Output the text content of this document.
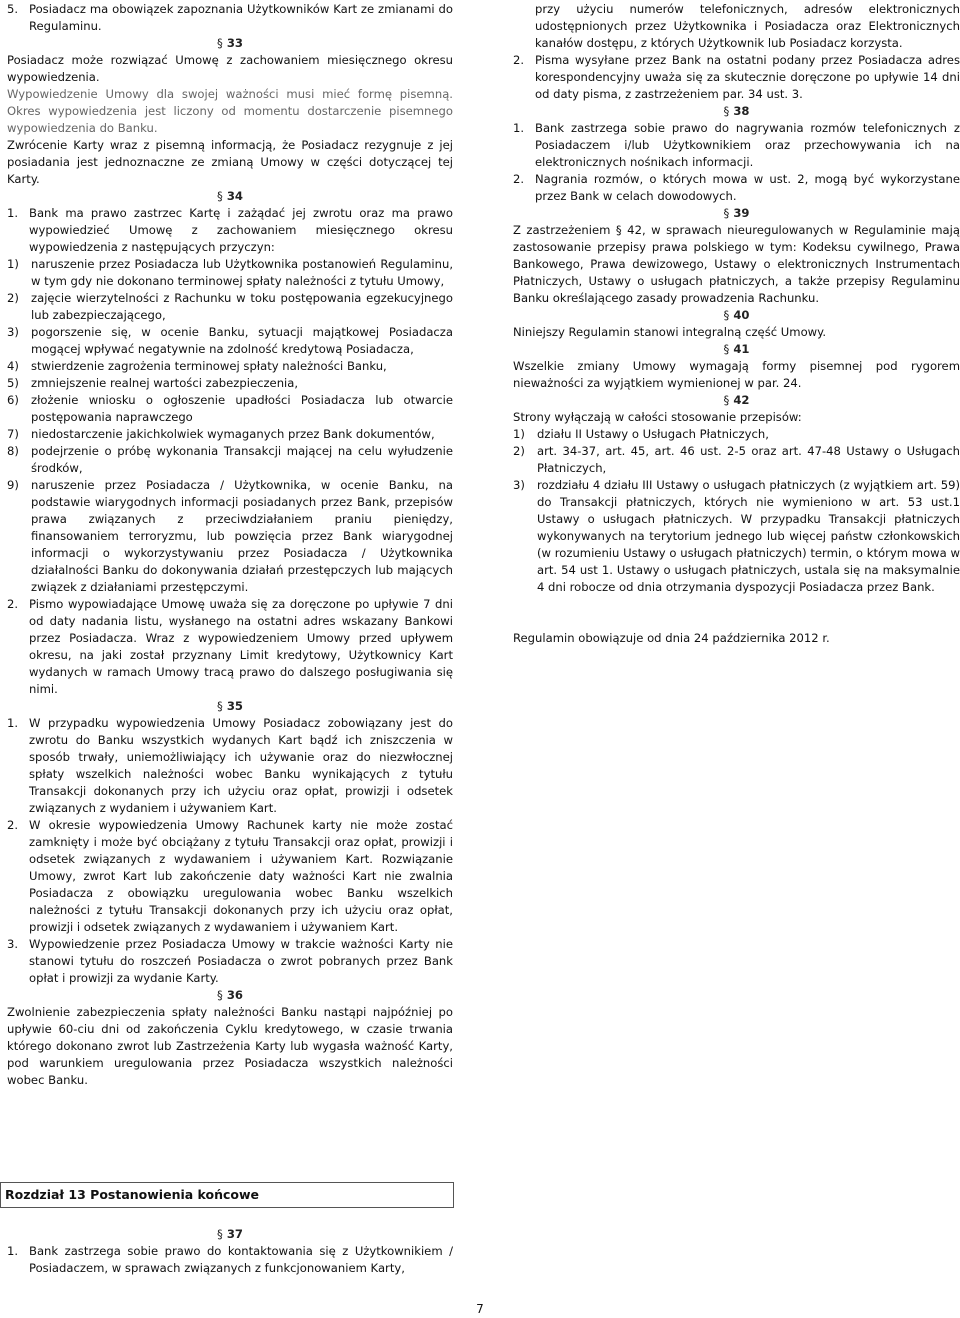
5. Posiadacz ma obowiązek zapoznania Użytkowników Kart ze zmianami do Regulaminu.
§ 33

Posiadacz może rozwiązać Umowę z zachowaniem miesięcznego okresu wypowiedzenia.

Wypowiedzenie Umowy dla swojej ważności musi mieć formę pisemną. Okres wypowiedzenia jest liczony od momentu dostarczenie pisemnego wypowiedzenia do Banku.

Zwrócenie Karty wraz z pisemną informacją, że Posiadacz rezygnuje z jej posiadania jest jednoznaczne ze zmianą Umowy w części dotyczącej tej Karty.

§ 34
1. Bank ma prawo zastrzec Kartę i zażądać jej zwrotu oraz ma prawo wypowiedzieć Umowę z zachowaniem miesięcznego okresu wypowiedzenia z następujących przyczyn:
1)	naruszenie przez Posiadacza lub Użytkownika postanowień Regulaminu, w tym gdy nie dokonano terminowej spłaty należności z tytułu Umowy,
2)	zajęcie wierzytelności z Rachunku w toku postępowania egzekucyjnego lub zabezpieczającego,
3)	pogorszenie się, w ocenie Banku, sytuacji majątkowej Posiadacza mogącej wpływać negatywnie na zdolność kredytową Posiadacza,
4)	stwierdzenie zagrożenia terminowej spłaty należności Banku,
5)	zmniejszenie realnej wartości zabezpieczenia,
6)	złożenie wniosku o ogłoszenie upadłości Posiadacza lub otwarcie postępowania naprawczego
7)	niedostarczenie jakichkolwiek wymaganych przez Bank dokumentów,
8)	podejrzenie o próbę wykonania Transakcji mającej na celu wyłudzenie środków,
9)	naruszenie przez Posiadacza / Użytkownika, w ocenie Banku, na podstawie wiarygodnych informacji posiadanych przez Bank, przepisów prawa związanych z przeciwdziałaniem praniu pieniędzy, finansowaniem terroryzmu, lub powzięcia przez Bank wiarygodnej informacji o wykorzystywaniu przez Posiadacza / Użytkownika działalności Banku do dokonywania działań przestępczych lub mających związek z działaniami przestępczymi.
2. Pismo wypowiadające Umowę uważa się za doręczone po upływie 7 dni od daty nadania listu, wysłanego na ostatni adres wskazany Bankowi przez Posiadacza. Wraz z wypowiedzeniem Umowy przed upływem okresu, na jaki został przyznany Limit kredytowy, Użytkownicy Kart wydanych w ramach Umowy tracą prawo do dalszego posługiwania się nimi.
§ 35
1. W przypadku wypowiedzenia Umowy Posiadacz zobowiązany jest do zwrotu do Banku wszystkich wydanych Kart bądź ich zniszczenia w sposób trwały, uniemożliwiający ich używanie oraz do niezwłocznej spłaty wszelkich należności wobec Banku wynikających z tytułu Transakcji dokonanych przy ich użyciu oraz opłat, prowizji i odsetek związanych z wydaniem i używaniem Kart.
2. W okresie wypowiedzenia Umowy Rachunek karty nie może zostać zamknięty i może być obciążany z tytułu Transakcji oraz opłat, prowizji i odsetek związanych z wydawaniem i używaniem Kart. Rozwiązanie Umowy, zwrot Kart lub zakończenie daty ważności Kart nie zwalnia Posiadacza z obowiązku uregulowania wobec Banku wszelkich należności z tytułu Transakcji dokonanych przy ich użyciu oraz opłat, prowizji i odsetek związanych z wydawaniem i używaniem Kart.
3. Wypowiedzenie przez Posiadacza Umowy w trakcie ważności Karty nie stanowi tytułu do roszczeń Posiadacza o zwrot pobranych przez Bank opłat i prowizji za wydanie Karty.
§ 36

Zwolnienie zabezpieczenia spłaty należności Banku nastąpi najpóźniej po upływie 60-ciu dni od zakończenia Cyklu kredytowego, w czasie trwania którego dokonano zwrot lub Zastrzeżenia Karty lub wygasła ważność Karty, pod warunkiem uregulowania przez Posiadacza wszystkich należności wobec Banku.

Rozdział 13 Postanowienia końcowe
§ 37
1. Bank zastrzega sobie prawo do kontaktowania się z Użytkownikiem / Posiadaczem, w sprawach związanych z funkcjonowaniem Karty,
przy użyciu numerów telefonicznych, adresów elektronicznych udostępnionych przez Użytkownika i Posiadacza oraz Elektronicznych kanałów dostępu, z których Użytkownik lub Posiadacz korzysta.
2. Pisma wysyłane przez Bank na ostatni podany przez Posiadacza adres korespondencyjny uważa się za skutecznie doręczone po upływie 14 dni od daty pisma, z zastrzeżeniem par. 34 ust. 3.
§ 38
1. Bank zastrzega sobie prawo do nagrywania rozmów telefonicznych z Posiadaczem i/lub Użytkownikiem oraz przechowywania ich na elektronicznych nośnikach informacji.
2. Nagrania rozmów, o których mowa w ust. 2, mogą być wykorzystane przez Bank w celach dowodowych.
§ 39

Z zastrzeżeniem § 42, w sprawach nieuregulowanych w Regulaminie mają zastosowanie przepisy prawa polskiego w tym: Kodeksu cywilnego, Prawa Bankowego, Prawa dewizowego, Ustawy o elektronicznych Instrumentach Płatniczych, Ustawy o usługach płatniczych, a także przepisy Regulaminu Banku określającego zasady prowadzenia Rachunku.

§ 40

Niniejszy Regulamin stanowi integralną część Umowy.

§ 41

Wszelkie zmiany Umowy wymagają formy pisemnej pod rygorem nieważności za wyjątkiem wymienionej w par. 24.

§ 42

Strony wyłączają w całości stosowanie przepisów:

1)	działu II Ustawy o Usługach Płatniczych,
2)	art. 34-37, art. 45, art. 46 ust. 2-5 oraz art. 47-48 Ustawy o Usługach Płatniczych,
3)	rozdziału 4 działu III Ustawy o usługach płatniczych (z wyjątkiem art. 59) do Transakcji płatniczych, których nie wymieniono w art. 53 ust.1 Ustawy o usługach płatniczych. W przypadku Transakcji płatniczych wykonywanych na terytorium jednego lub więcej państw członkowskich (w rozumieniu Ustawy o usługach płatniczych) termin, o którym mowa w art. 54 ust 1. Ustawy o usługach płatniczych, ustala się na maksymalnie 4 dni robocze od dnia otrzymania dyspozycji Posiadacza przez Bank.

Regulamin obowiązuje od dnia 24 października 2012 r.

7
